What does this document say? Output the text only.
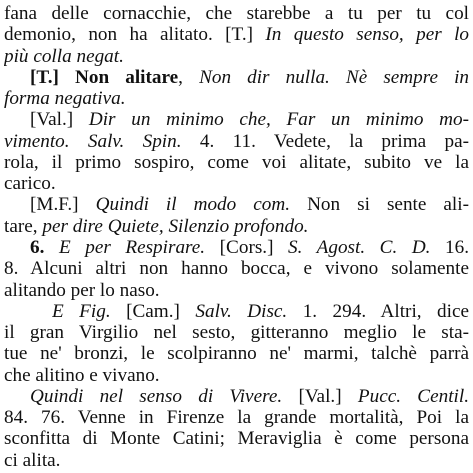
fana delle cornacchie, che starebbe a tu per tu col
demonio, non ha alitato. [T.] In questo senso, per lo
più colla negat.
[T.] Non alitare, Non dir nulla. Nè sempre in
forma negativa.
[Val.] Dir un minimo che, Far un minimo mo-
vimento. Salv. Spin. 4. 11. Vedete, la prima pa-
rola, il primo sospiro, come voi alitate, subito ve la
carico.
[M.F.] Quindi il modo com. Non si sente ali-
tare, per dire Quiete, Silenzio profondo.
6. E per Respirare. [Cors.] S. Agost. C. D. 16.
8. Alcuni altri non hanno bocca, e vivono solamente
alitando per lo naso.
E Fig. [Cam.] Salv. Disc. 1. 294. Altri, dice
il gran Virgilio nel sesto, gitteranno meglio le sta-
tue ne' bronzi, le scolpiranno ne' marmi, talchè parrà
che alitino e vivano.
Quindi nel senso di Vivere. [Val.] Pucc. Centil.
84. 76. Venne in Firenze la grande mortalità, Poi la
sconfitta di Monte Catini; Meraviglia è come persona
ci alita.
